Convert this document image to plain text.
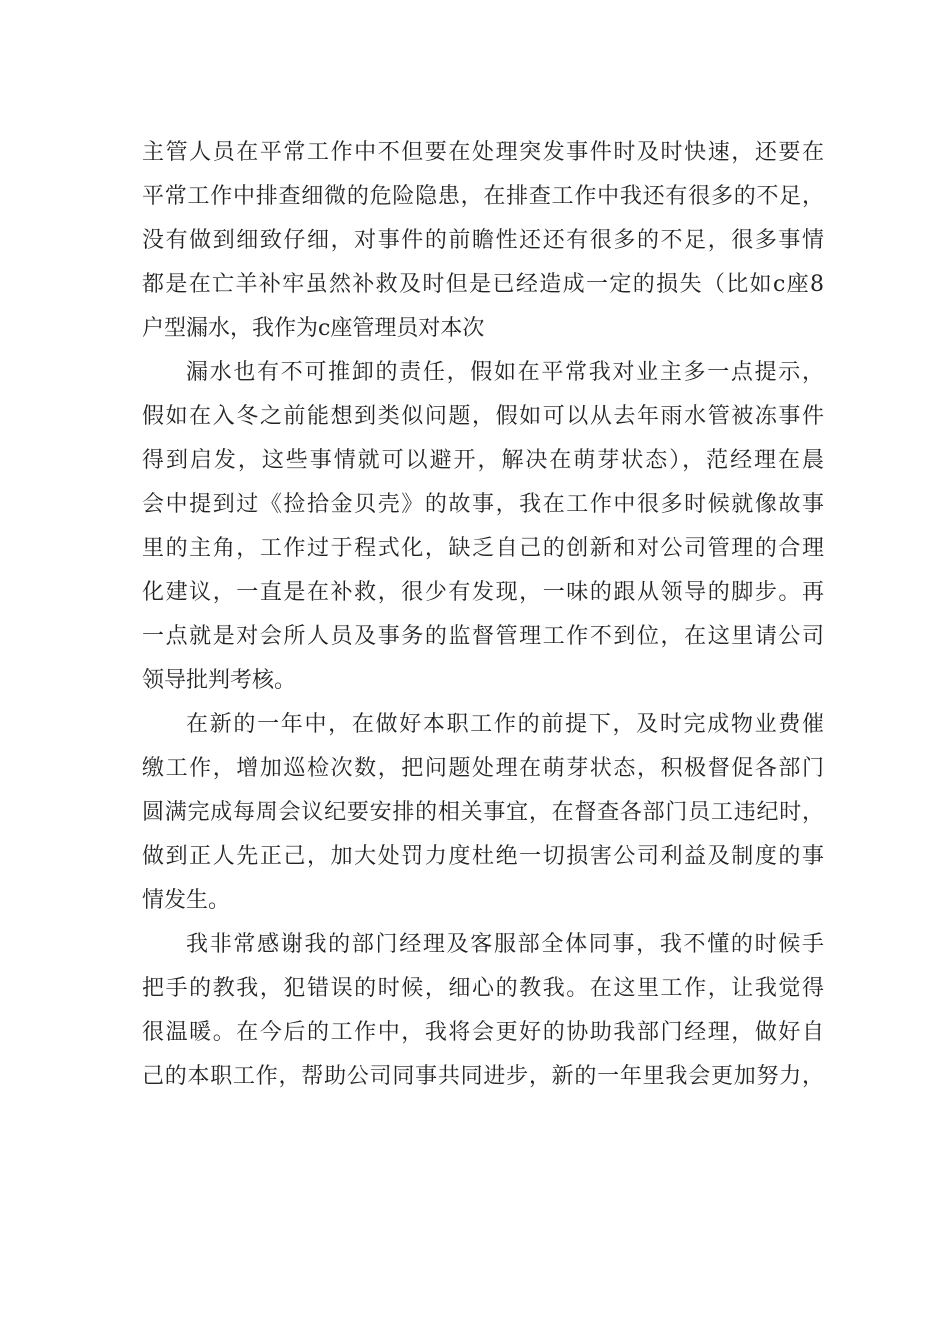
主管人员在平常工作中不但要在处理突发事件时及时快速，还要在
平常工作中排查细微的危险隐患，在排查工作中我还有很多的不足，
没有做到细致仔细，对事件的前瞻性还还有很多的不足，很多事情
都是在亡羊补牢虽然补救及时但是已经造成一定的损失（比如c座8
户型漏水，我作为c座管理员对本次
漏水也有不可推卸的责任，假如在平常我对业主多一点提示，
假如在入冬之前能想到类似问题，假如可以从去年雨水管被冻事件
得到启发，这些事情就可以避开，解决在萌芽状态），范经理在晨
会中提到过《捡拾金贝壳》的故事，我在工作中很多时候就像故事
里的主角，工作过于程式化，缺乏自己的创新和对公司管理的合理
化建议，一直是在补救，很少有发现，一味的跟从领导的脚步。再
一点就是对会所人员及事务的监督管理工作不到位，在这里请公司
领导批判考核。
在新的一年中，在做好本职工作的前提下，及时完成物业费催
缴工作，增加巡检次数，把问题处理在萌芽状态，积极督促各部门
圆满完成每周会议纪要安排的相关事宜，在督查各部门员工违纪时，
做到正人先正己，加大处罚力度杜绝一切损害公司利益及制度的事
情发生。
我非常感谢我的部门经理及客服部全体同事，我不懂的时候手
把手的教我，犯错误的时候，细心的教我。在这里工作，让我觉得
很温暖。在今后的工作中，我将会更好的协助我部门经理，做好自
己的本职工作，帮助公司同事共同进步，新的一年里我会更加努力，
